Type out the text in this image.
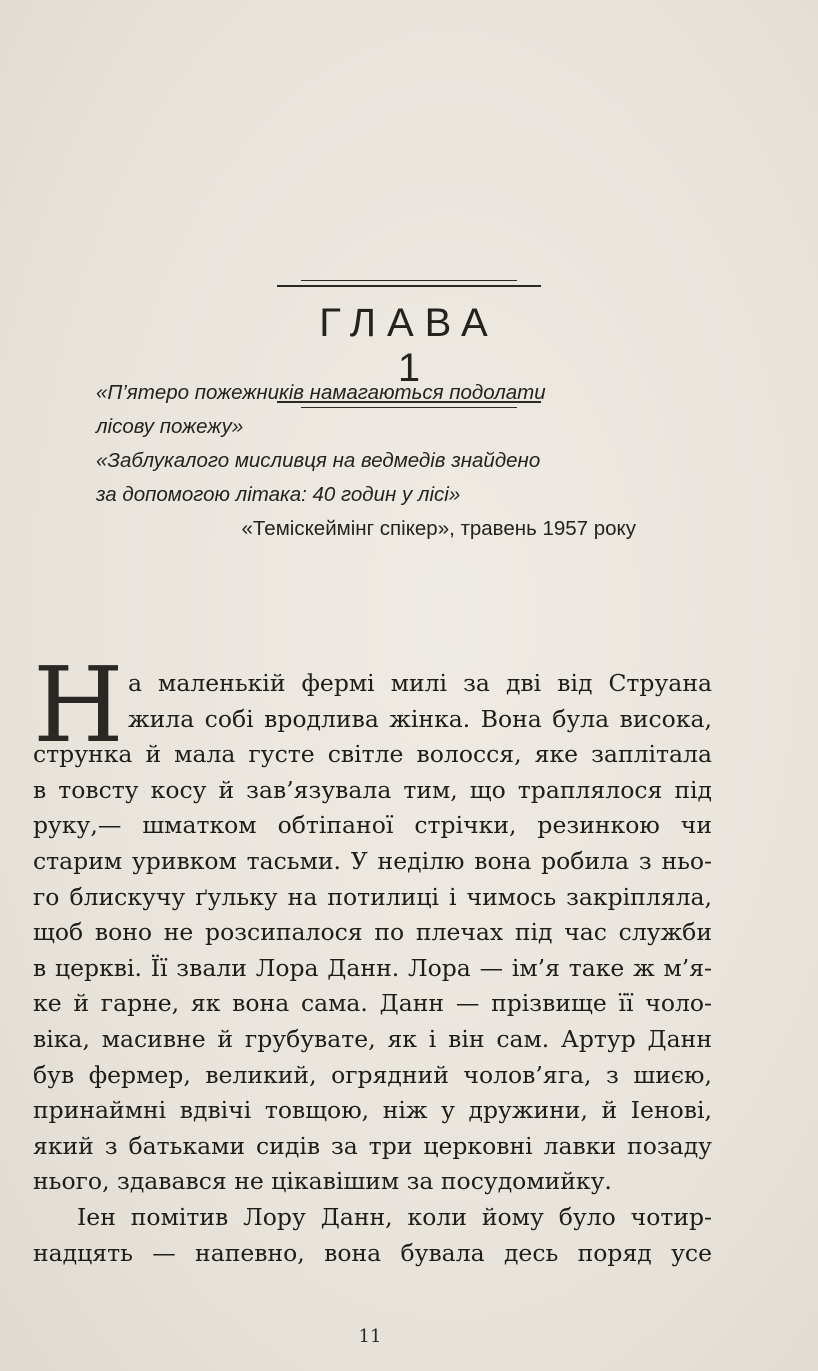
ГЛАВА 1
«П’ятеро пожежників намагаються подолати
лісову пожежу»
«Заблукалого мисливця на ведмедів знайдено
за допомогою літака: 40 годин у лісі»
«Теміскеймінг спікер», травень 1957 року
Н а маленькій фермі милі за дві від Струана
жила собі вродлива жінка. Вона була висока,
струнка й мала густе світле волосся, яке заплітала
в товсту косу й зав’язувала тим, що траплялося під
руку,— шматком обтіпаної стрічки, резинкою чи
старим уривком тасьми. У неділю вона робила з ньо-
го блискучу ґульку на потилиці і чимось закріпляла,
щоб воно не розсипалося по плечах під час служби
в церкві. Її звали Лора Данн. Лора — ім’я таке ж м’я-
ке й гарне, як вона сама. Данн — прізвище її чоло-
віка, масивне й грубувате, як і він сам. Артур Данн
був фермер, великий, огрядний чолов’яга, з шиєю,
принаймні вдвічі товщою, ніж у дружини, й Іенові,
який з батьками сидів за три церковні лавки позаду
нього, здавався не цікавішим за посудомийку.
Іен помітив Лору Данн, коли йому було чотир-
надцять — напевно, вона бувала десь поряд усе
11
